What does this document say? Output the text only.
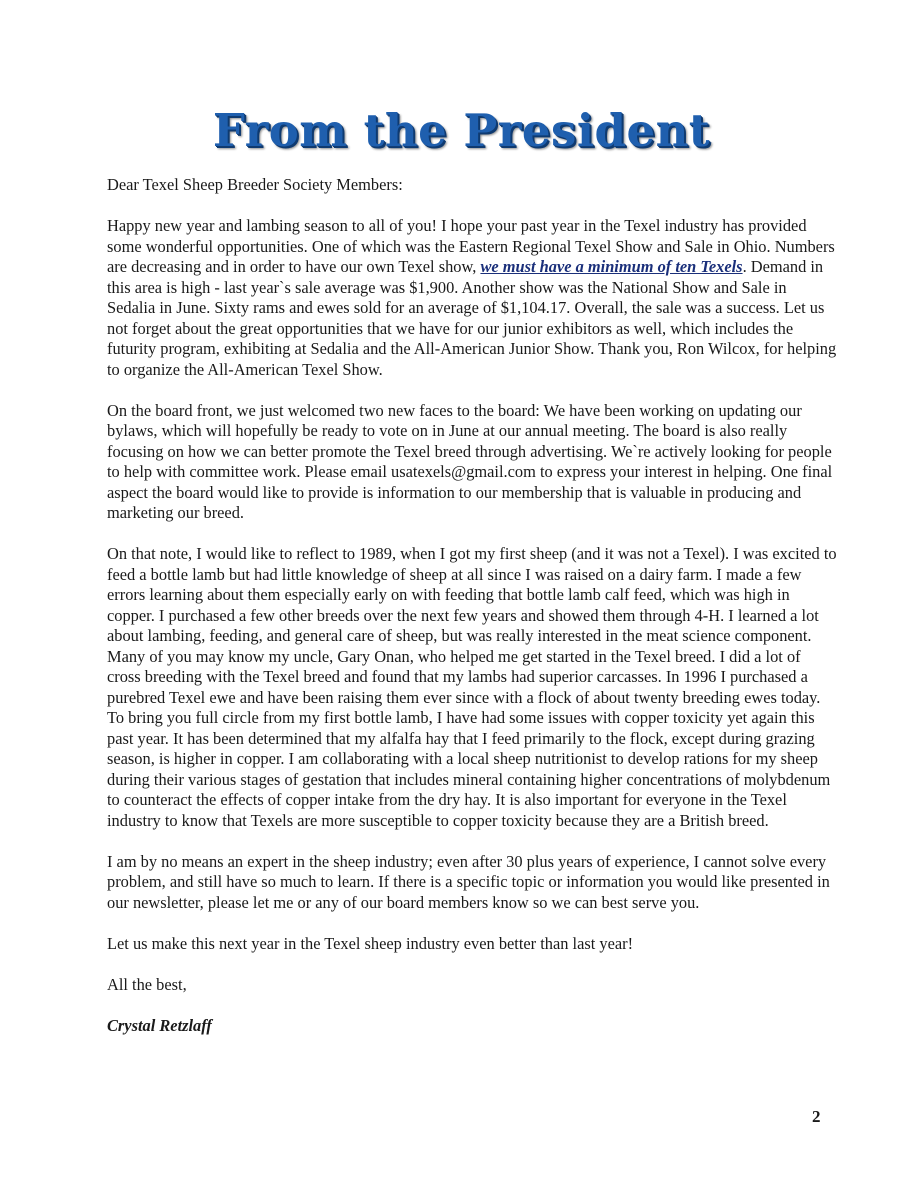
From the President

Dear Texel Sheep Breeder Society Members:

Happy new year and lambing season to all of you! I hope your past year in the Texel industry has provided some wonderful opportunities. One of which was the Eastern Regional Texel Show and Sale in Ohio. Numbers are decreasing and in order to have our own Texel show, we must have a minimum of ten Texels. Demand in this area is high - last year`s sale average was $1,900. Another show was the National Show and Sale in Sedalia in June. Sixty rams and ewes sold for an average of $1,104.17. Overall, the sale was a success. Let us not forget about the great opportunities that we have for our junior exhibitors as well, which includes the futurity program, exhibiting at Sedalia and the All-American Junior Show. Thank you, Ron Wilcox, for helping to organize the All-American Texel Show.

On the board front, we just welcomed two new faces to the board: We have been working on updating our bylaws, which will hopefully be ready to vote on in June at our annual meeting. The board is also really focusing on how we can better promote the Texel breed through advertising. We`re actively looking for people to help with committee work. Please email usatexels@gmail.com to express your interest in helping. One final aspect the board would like to provide is information to our membership that is valuable in producing and marketing our breed.

On that note, I would like to reflect to 1989, when I got my first sheep (and it was not a Texel). I was excited to feed a bottle lamb but had little knowledge of sheep at all since I was raised on a dairy farm. I made a few errors learning about them especially early on with feeding that bottle lamb calf feed, which was high in copper. I purchased a few other breeds over the next few years and showed them through 4-H. I learned a lot about lambing, feeding, and general care of sheep, but was really interested in the meat science component. Many of you may know my uncle, Gary Onan, who helped me get started in the Texel breed. I did a lot of cross breeding with the Texel breed and found that my lambs had superior carcasses. In 1996 I purchased a purebred Texel ewe and have been raising them ever since with a flock of about twenty breeding ewes today. To bring you full circle from my first bottle lamb, I have had some issues with copper toxicity yet again this past year. It has been determined that my alfalfa hay that I feed primarily to the flock, except during grazing season, is higher in copper. I am collaborating with a local sheep nutritionist to develop rations for my sheep during their various stages of gestation that includes mineral containing higher concentrations of molybdenum to counteract the effects of copper intake from the dry hay. It is also important for everyone in the Texel industry to know that Texels are more susceptible to copper toxicity because they are a British breed.

I am by no means an expert in the sheep industry; even after 30 plus years of experience, I cannot solve every problem, and still have so much to learn. If there is a specific topic or information you would like presented in our newsletter, please let me or any of our board members know so we can best serve you.

Let us make this next year in the Texel sheep industry even better than last year!

All the best,

Crystal Retzlaff

2
